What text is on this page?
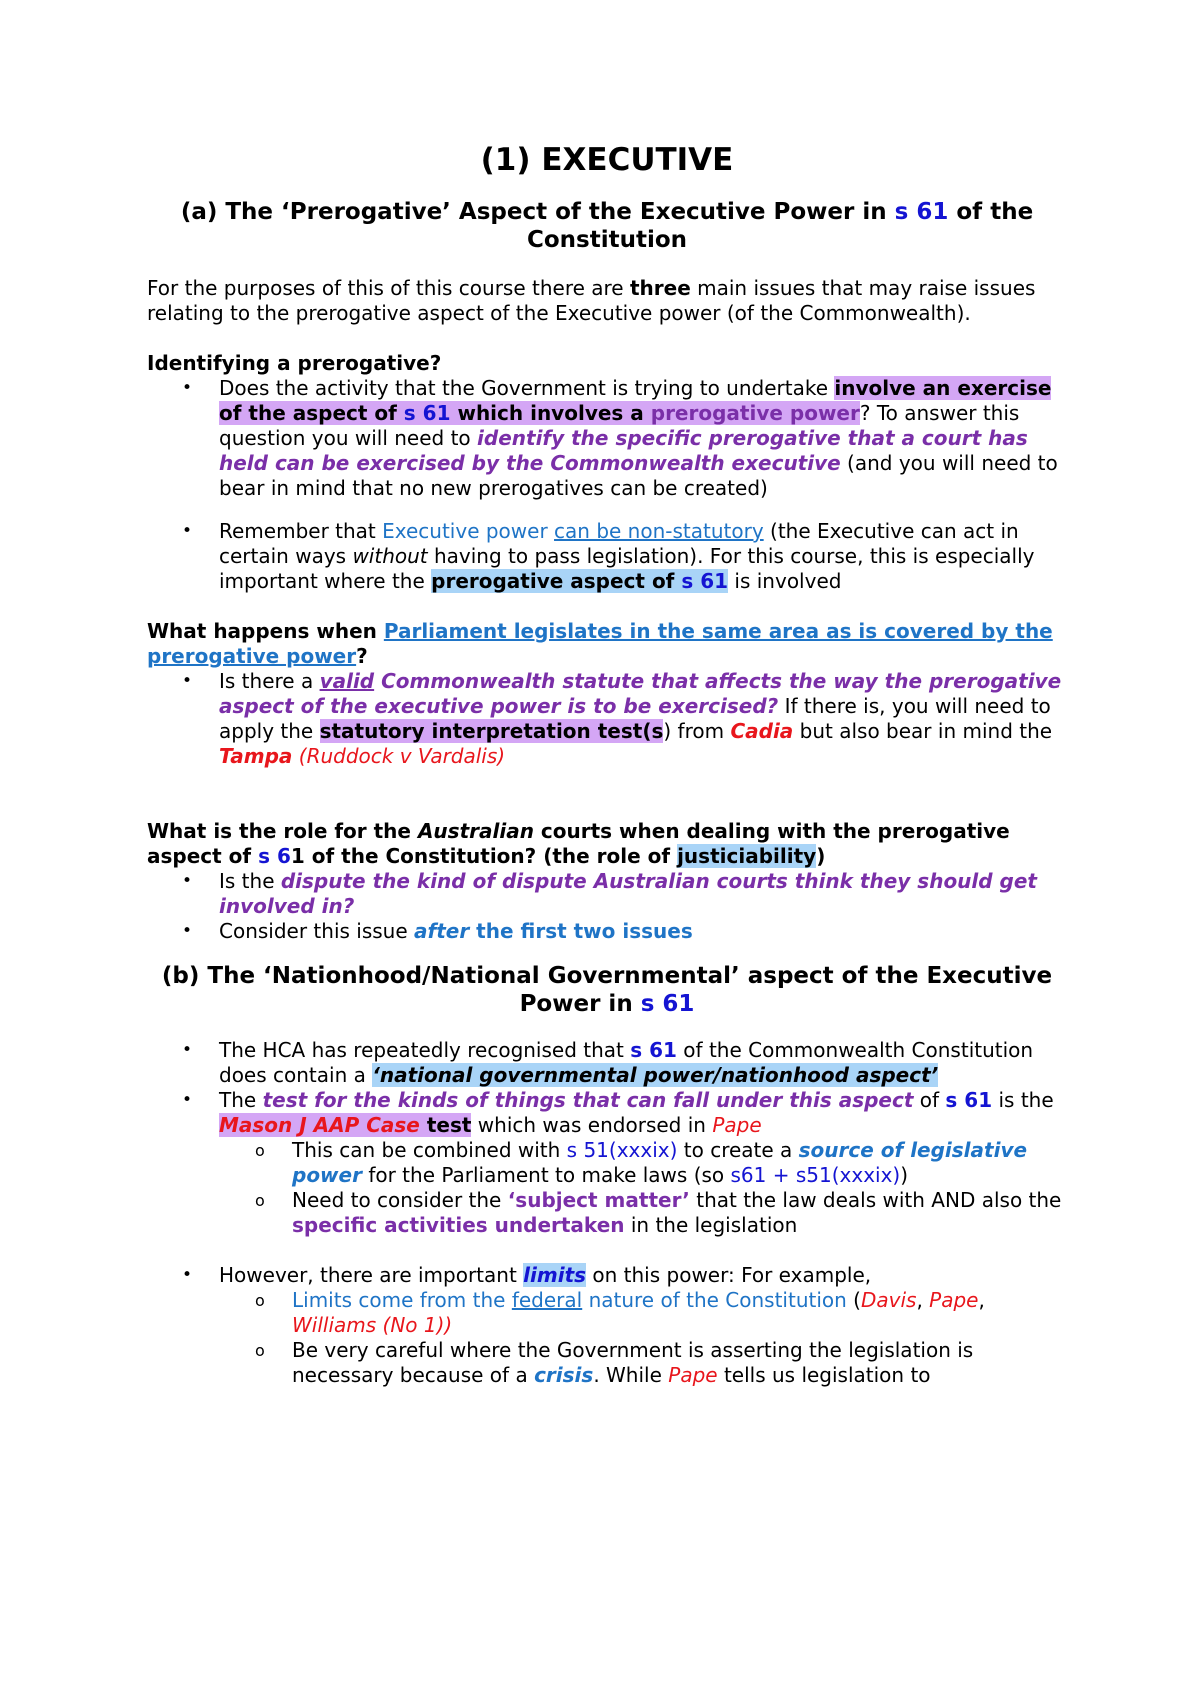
(1) EXECUTIVE
(a) The ‘Prerogative’ Aspect of the Executive Power in s 61 of the Constitution

For the purposes of this of this course there are three main issues that may raise issues relating to the prerogative aspect of the Executive power (of the Commonwealth).

Identifying a prerogative?

• Does the activity that the Government is trying to undertake involve an exercise of the aspect of s 61 which involves a prerogative power? To answer this question you will need to identify the specific prerogative that a court has held can be exercised by the Commonwealth executive (and you will need to bear in mind that no new prerogatives can be created)
• Remember that Executive power can be non-statutory (the Executive can act in certain ways without having to pass legislation). For this course, this is especially important where the prerogative aspect of s 61 is involved

What happens when Parliament legislates in the same area as is covered by the prerogative power?

• Is there a valid Commonwealth statute that affects the way the prerogative aspect of the executive power is to be exercised? If there is, you will need to apply the statutory interpretation test(s) from Cadia but also bear in mind the Tampa (Ruddock v Vardalis)

What is the role for the Australian courts when dealing with the prerogative aspect of s 61 of the Constitution? (the role of justiciability)

• Is the dispute the kind of dispute Australian courts think they should get involved in?
• Consider this issue after the first two issues
(b) The ‘Nationhood/National Governmental’ aspect of the Executive Power in s 61
• The HCA has repeatedly recognised that s 61 of the Commonwealth Constitution does contain a ‘national governmental power/nationhood aspect’
• The test for the kinds of things that can fall under this aspect of s 61 is the Mason J AAP Case test which was endorsed in Pape
o This can be combined with s 51(xxxix) to create a source of legislative power for the Parliament to make laws (so s61 + s51(xxxix))
o Need to consider the ‘subject matter’ that the law deals with AND also the specific activities undertaken in the legislation
• However, there are important limits on this power: For example,
o Limits come from the federal nature of the Constitution (Davis, Pape, Williams (No 1))
o Be very careful where the Government is asserting the legislation is necessary because of a crisis. While Pape tells us legislation to
